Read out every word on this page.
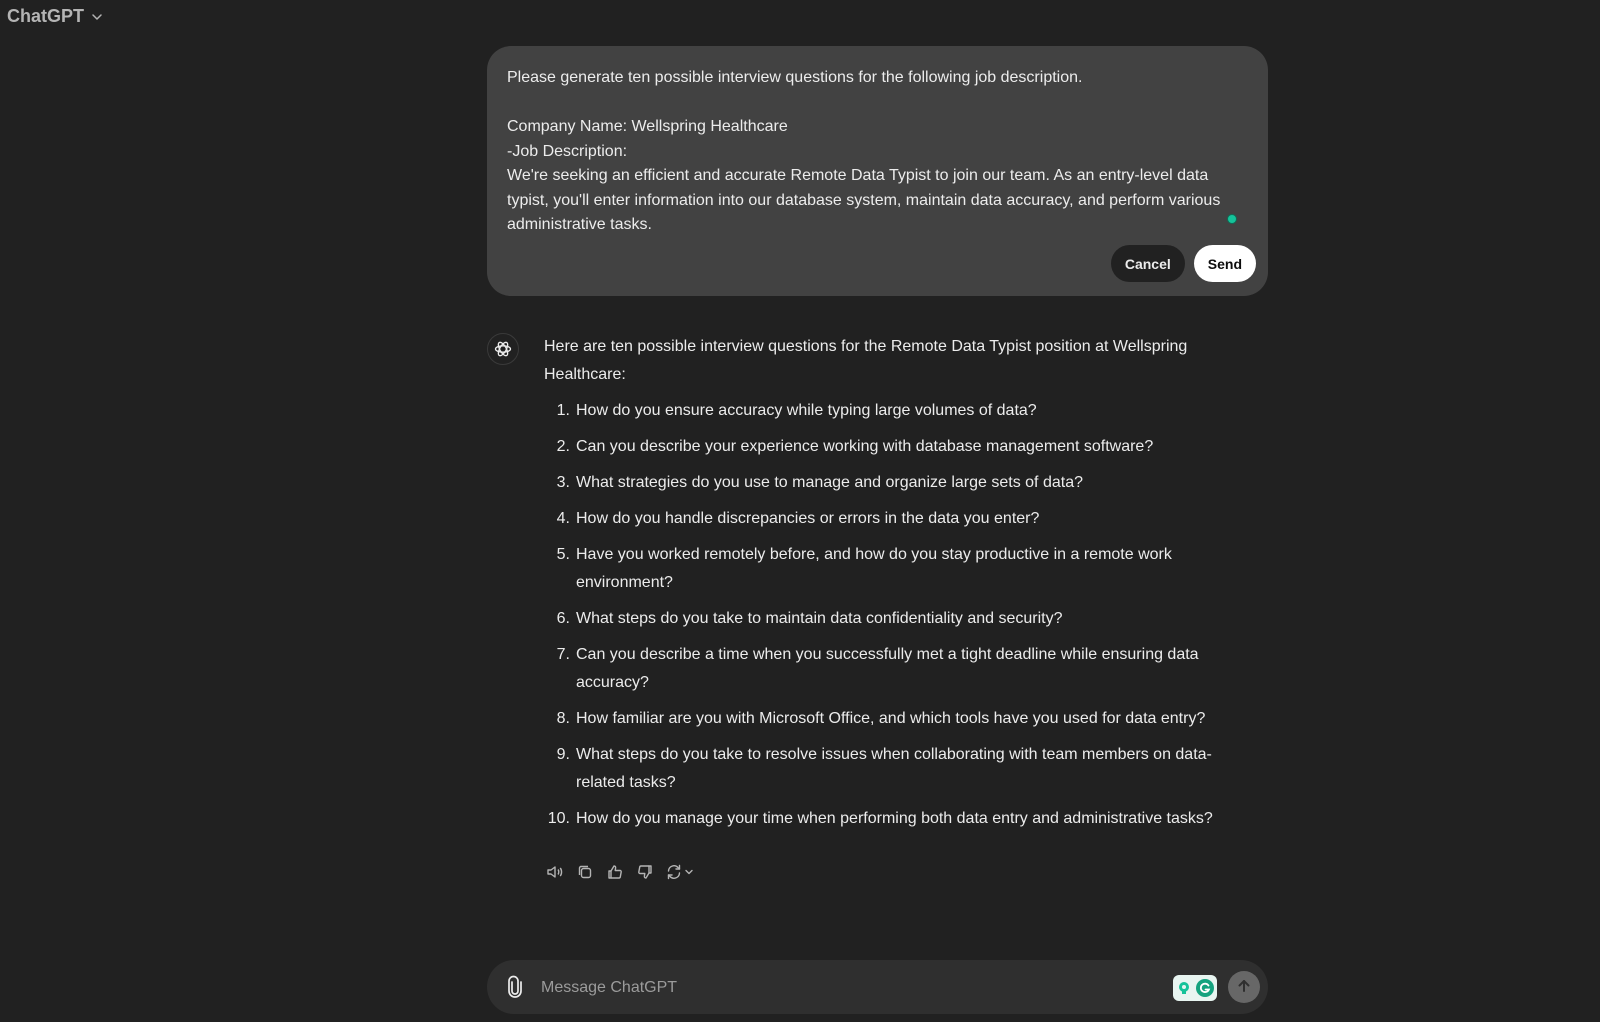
ChatGPT
Please generate ten possible interview questions for the following job description.

Company Name: Wellspring Healthcare
-Job Description:
We're seeking an efficient and accurate Remote Data Typist to join our team. As an entry-level data typist, you'll enter information into our database system, maintain data accuracy, and perform various administrative tasks.
Cancel	Send

Here are ten possible interview questions for the Remote Data Typist position at Wellspring Healthcare:

1. How do you ensure accuracy while typing large volumes of data?
2. Can you describe your experience working with database management software?
3. What strategies do you use to manage and organize large sets of data?
4. How do you handle discrepancies or errors in the data you enter?
5. Have you worked remotely before, and how do you stay productive in a remote work environment?
6. What steps do you take to maintain data confidentiality and security?
7. Can you describe a time when you successfully met a tight deadline while ensuring data accuracy?
8. How familiar are you with Microsoft Office, and which tools have you used for data entry?
9. What steps do you take to resolve issues when collaborating with team members on data-related tasks?
10. How do you manage your time when performing both data entry and administrative tasks?
Message ChatGPT
